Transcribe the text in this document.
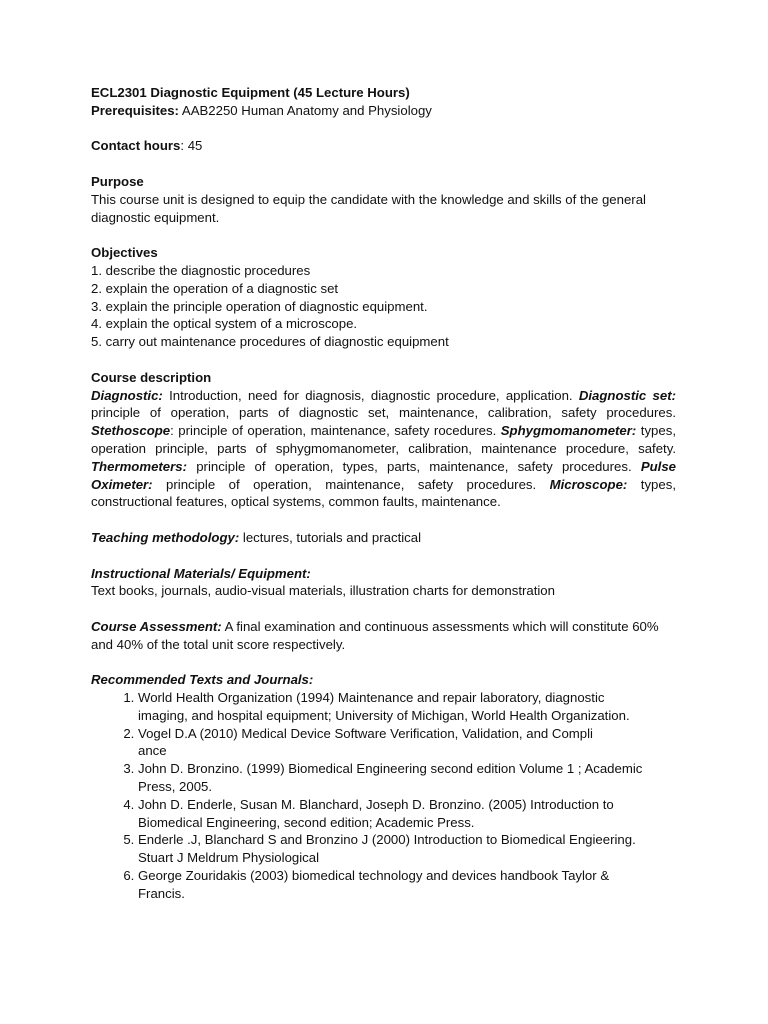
ECL2301 Diagnostic Equipment (45 Lecture Hours)
Prerequisites: AAB2250 Human Anatomy and Physiology
Contact hours: 45
Purpose
This course unit is designed to equip the candidate with the knowledge and skills of the general diagnostic equipment.
Objectives
1. describe the diagnostic procedures
2. explain the operation of a diagnostic set
3. explain the principle operation of diagnostic equipment.
4. explain the optical system of a microscope.
5. carry out maintenance procedures of diagnostic equipment
Course description
Diagnostic: Introduction, need for diagnosis, diagnostic procedure, application. Diagnostic set: principle of operation, parts of diagnostic set, maintenance, calibration, safety procedures. Stethoscope: principle of operation, maintenance, safety rocedures. Sphygmomanometer: types, operation principle, parts of sphygmomanometer, calibration, maintenance procedure, safety. Thermometers: principle of operation, types, parts, maintenance, safety procedures. Pulse Oximeter: principle of operation, maintenance, safety procedures. Microscope: types, constructional features, optical systems, common faults, maintenance.
Teaching methodology: lectures, tutorials and practical
Instructional Materials/ Equipment:
Text books, journals, audio-visual materials, illustration charts for demonstration
Course Assessment: A final examination and continuous assessments which will constitute 60% and 40% of the total unit score respectively.
Recommended Texts and Journals:
1. World Health Organization (1994) Maintenance and repair laboratory, diagnostic
imaging, and hospital equipment; University of Michigan, World Health Organization.
2. Vogel D.A (2010) Medical Device Software Verification, Validation, and Compli
ance
3. John D. Bronzino. (1999) Biomedical Engineering second edition Volume 1 ; Academic
Press, 2005.
4. John D. Enderle, Susan M. Blanchard, Joseph D. Bronzino. (2005) Introduction to
Biomedical Engineering, second edition; Academic Press.
5. Enderle .J, Blanchard S and Bronzino J (2000) Introduction to Biomedical Engieering.
Stuart J Meldrum Physiological
6. George Zouridakis (2003) biomedical technology and devices handbook Taylor &
Francis.
